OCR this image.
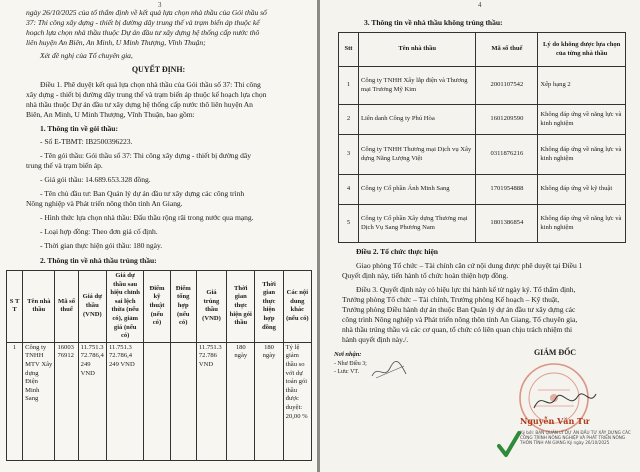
3
ngày 26/10/2025 của tổ thẩm định về kết quả lựa chọn nhà thầu của Gói thầu số
37: Thi công xây dựng - thiết bị đường dây trung thế và trạm biến áp thuộc kế
hoạch lựa chọn nhà thầu thuộc Dự án đầu tư xây dựng hệ thống cấp nước thô
liên huyện An Biên, An Minh, U Minh Thượng, Vĩnh Thuận;
Xét đề nghị của Tổ chuyên gia,
QUYẾT ĐỊNH:
Điều 1. Phê duyệt kết quả lựa chọn nhà thầu của Gói thầu số 37: Thi công
xây dựng - thiết bị đường dây trung thế và trạm biến áp thuộc kế hoạch lựa chọn
nhà thầu thuộc Dự án đầu tư xây dựng hệ thống cấp nước thô liên huyện An
Biên, An Minh, U Minh Thượng, Vĩnh Thuận, bao gồm:
1. Thông tin về gói thầu:
- Số E-TBMT: IB2500396223.
- Tên gói thầu: Gói thầu số 37: Thi công xây dựng - thiết bị đường dây
trung thế và trạm biến áp.
- Giá gói thầu: 14.689.653.328 đồng.
- Tên chủ đầu tư: Ban Quản lý dự án đầu tư xây dựng các công trình
Nông nghiệp và Phát triển nông thôn tỉnh An Giang.
- Hình thức lựa chọn nhà thầu: Đấu thầu rộng rãi trong nước qua mạng.
- Loại hợp đồng: Theo đơn giá cố định.
- Thời gian thực hiện gói thầu: 180 ngày.
2. Thông tin về nhà thầu trúng thầu:
S T T	Tên nhà thầu	Mã số thuế	Giá dự thầu (VND)	Giá dự thầu sau hiệu chỉnh sai lệch thừa (nếu có), giảm giá (nếu có)	Điểm kỹ thuật (nếu có)	Điểm tổng hợp (nếu có)	Giá trúng thầu (VND)	Thời gian thực hiện gói thầu	Thời gian thực hiện hợp đồng	Các nội dung khác (nếu có)
1	Công ty TNHH MTV Xây dựng Điện Minh Sang	1600376912	11.751.3 72.786,4 249 VND	11.751.3 72.786,4 249 VND			11.751.3 72.786 VND	180 ngày	180 ngày	Tỷ lệ giảm thầu so với dự toán gói thầu được duyệt: 20,00 %
4
3. Thông tin về nhà thầu không trúng thầu:
Stt	Tên nhà thầu	Mã số thuế	Lý do không được lựa chọn của từng nhà thầu
1	Công ty TNHH Xây lắp điện và Thương mại Trương Mỹ Kim	2001107542	Xếp hạng 2
2	Liên danh Công ty Phú Hòa	1601209590	Không đáp ứng về năng lực và kinh nghiệm
3	Công ty TNHH Thương mại Dịch vụ Xây dựng Năng Lượng Việt	0311876216	Không đáp ứng về năng lực và kinh nghiệm
4	Công ty Cổ phần Ánh Minh Sang	1701954888	Không đáp ứng về kỹ thuật
5	Công ty Cổ phần Xây dựng Thương mại Dịch Vụ Sang Phương Nam	1801386854	Không đáp ứng về năng lực và kinh nghiệm
Điều 2. Tổ chức thực hiện
Giao phòng Tổ chức – Tài chính căn cứ nội dung được phê duyệt tại Điều 1
Quyết định này, tiến hành tổ chức hoàn thiện hợp đồng.
Điều 3. Quyết định này có hiệu lực thi hành kể từ ngày ký. Tổ thẩm định,
Trưởng phòng Tổ chức – Tài chính, Trưởng phòng Kế hoạch – Kỹ thuật,
Trưởng phòng Điều hành dự án thuộc Ban Quản lý dự án đầu tư xây dựng các
công trình Nông nghiệp và Phát triển nông thôn tỉnh An Giang, Tổ chuyên gia,
nhà thầu trúng thầu và các cơ quan, tổ chức có liên quan chịu trách nhiệm thi
hành quyết định này./.
Nơi nhận:
- Như Điều 3;
- Lưu: VT.
GIÁM ĐỐC
Nguyễn Văn Tư
Ký bởi: BAN QUẢN LÝ DỰ ÁN ĐẦU TƯ XÂY DỰNG CÁC CÔNG TRÌNH NÔNG NGHIỆP VÀ PHÁT TRIỂN NÔNG THÔN TỈNH AN GIANG Ký ngày 26/10/2025
